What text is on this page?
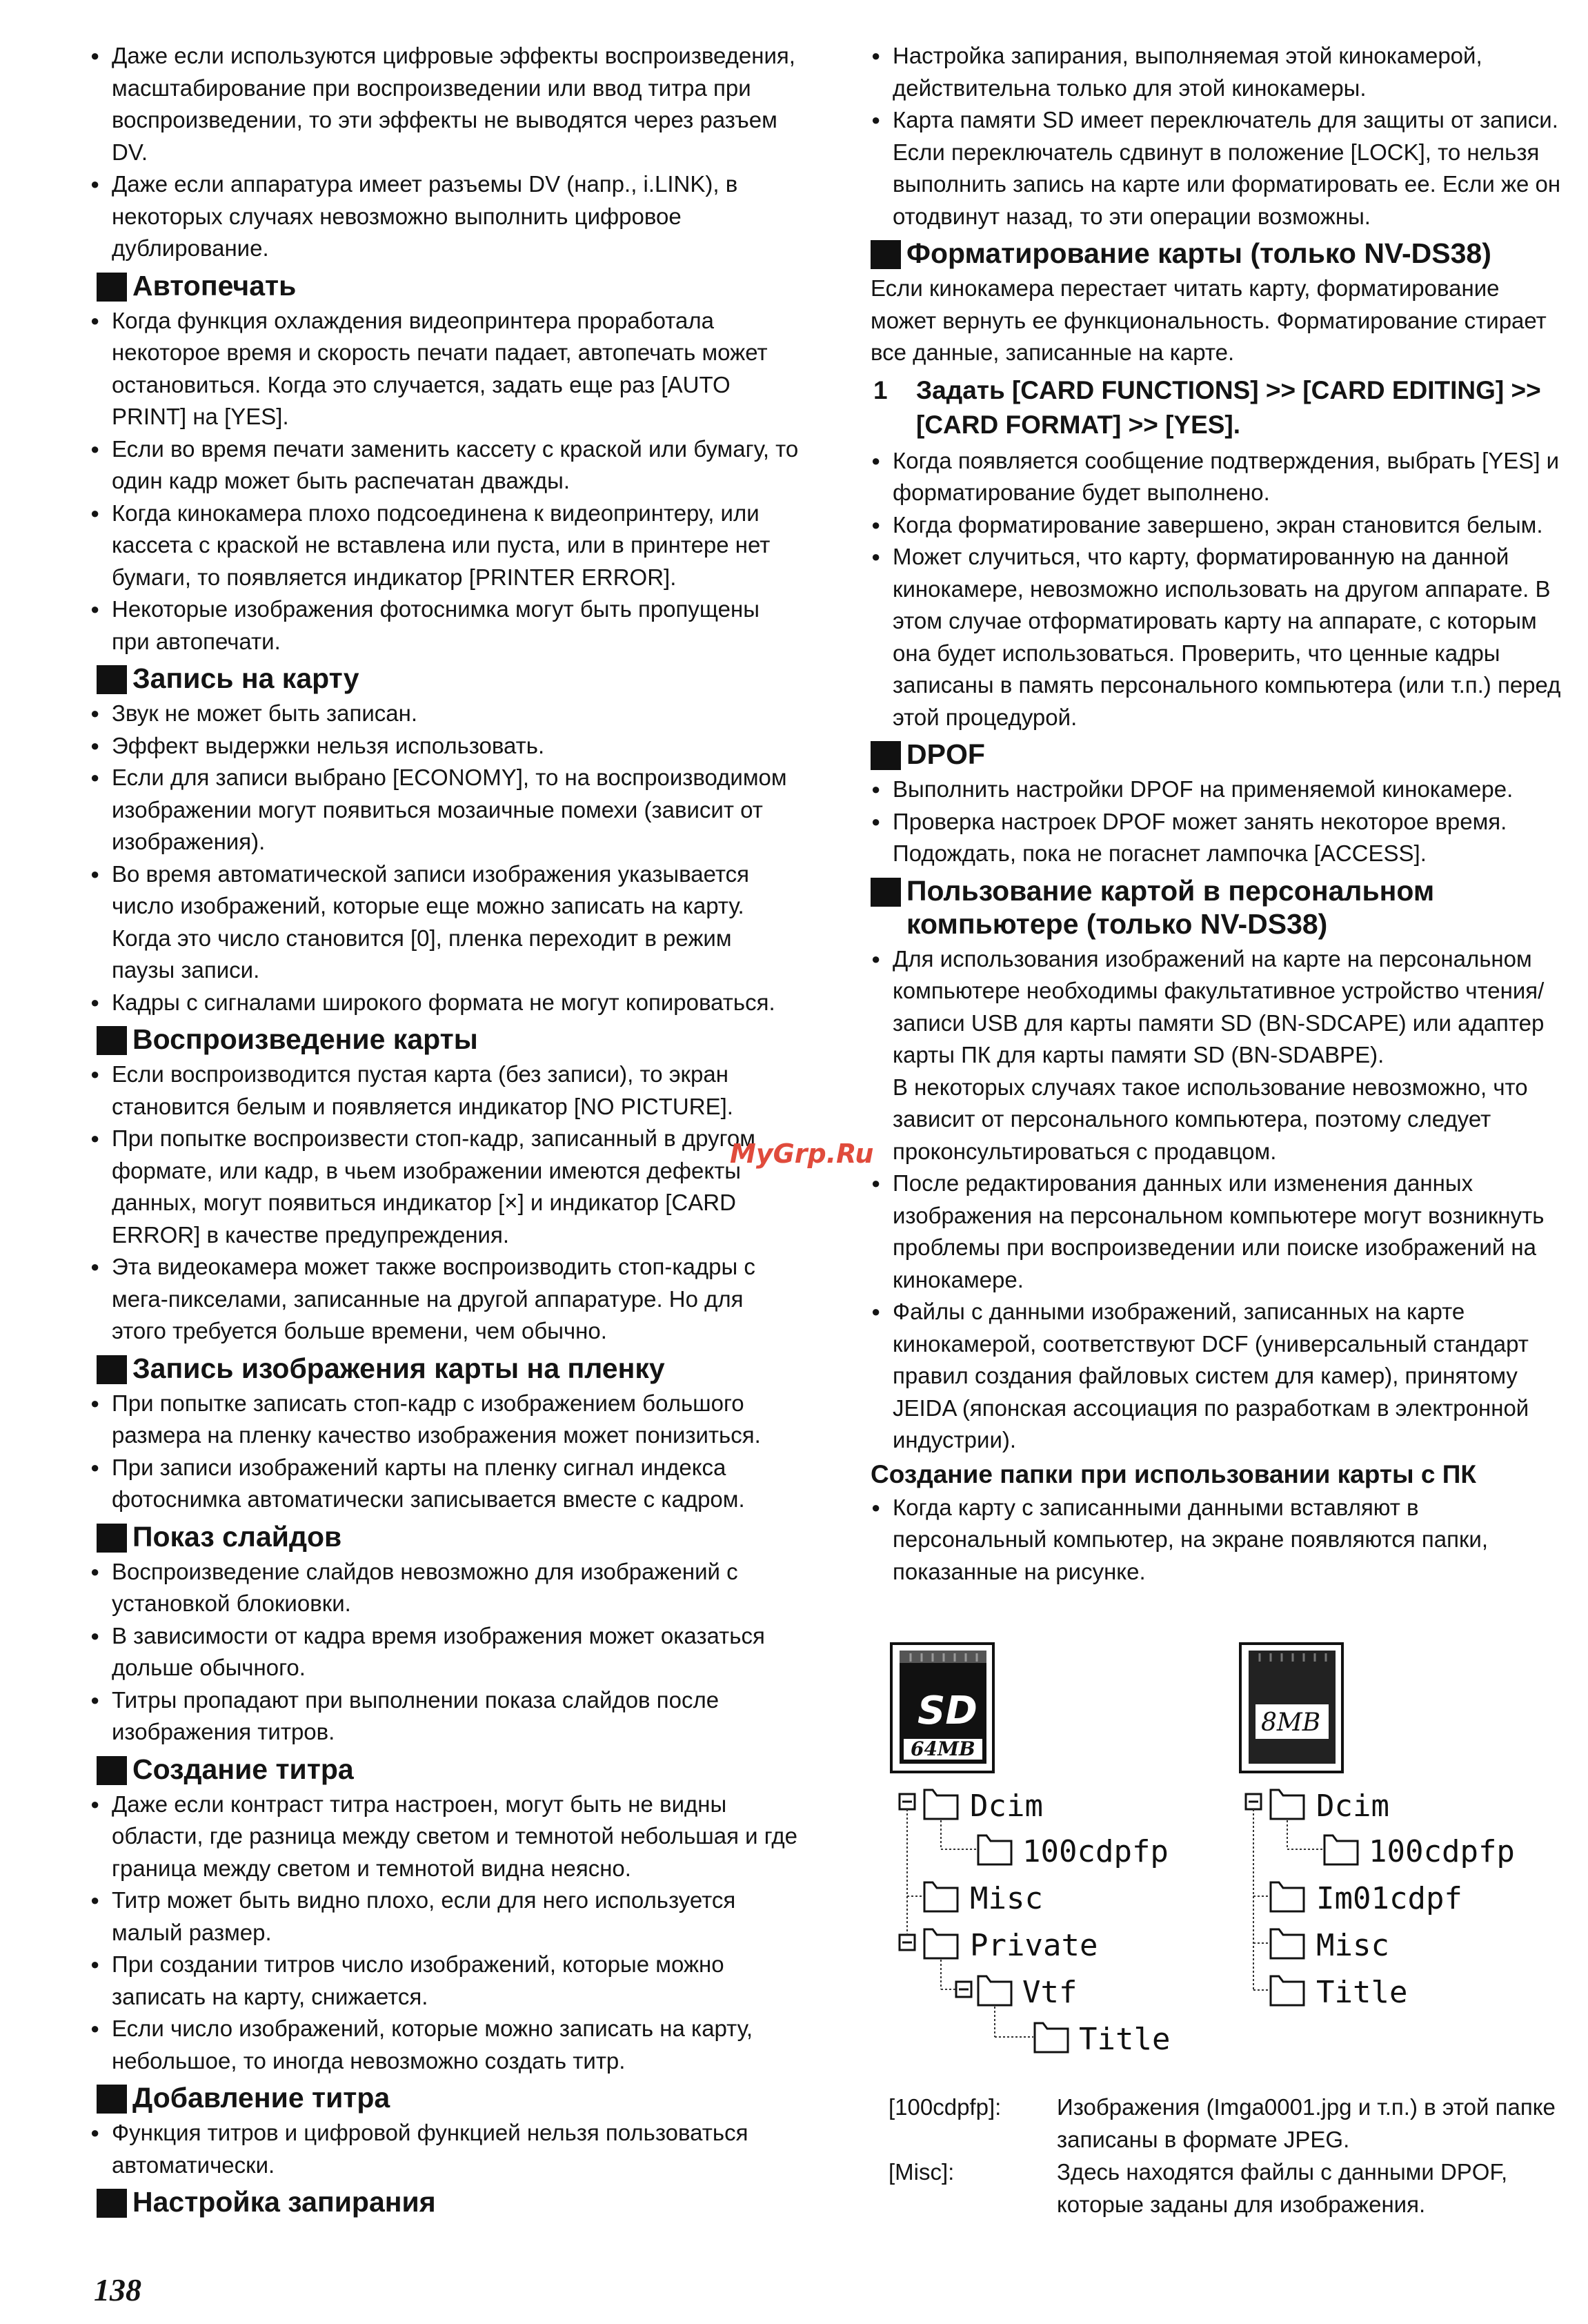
● Даже если используются цифровые эффекты воспроизведения, масштабирование при воспроизведении или ввод титра при воспроизведении, то эти эффекты не выводятся через разъем DV.

● Даже если аппаратура имеет разъемы DV (напр., i.LINK), в некоторых случаях невозможно выполнить цифровое дублирование.

Автопечать

● Когда функция охлаждения видеопринтера проработала некоторое время и скорость печати падает, автопечать может остановиться. Когда это случается, задать еще раз [AUTO PRINT] на [YES].

● Если во время печати заменить кассету с краской или бумагу, то один кадр может быть распечатан дважды.

● Когда кинокамера плохо подсоединена к видеопринтеру, или кассета с краской не вставлена или пуста, или в принтере нет бумаги, то появляется индикатор [PRINTER ERROR].

● Некоторые изображения фотоснимка могут быть пропущены при автопечати.

Запись на карту

● Звук не может быть записан.

● Эффект выдержки нельзя использовать.

● Если для записи выбрано [ECONOMY], то на воспроизводимом изображении могут появиться мозаичные помехи (зависит от изображения).

● Во время автоматической записи изображения указывается число изображений, которые еще можно записать на карту. Когда это число становится [0], пленка переходит в режим паузы записи.

● Кадры с сигналами широкого формата не могут копироваться.

Воспроизведение карты

● Если воспроизводится пустая карта (без записи), то экран становится белым и появляется индикатор [NO PICTURE].

● При попытке воспроизвести стоп-кадр, записанный в другом формате, или кадр, в чьем изображении имеются дефекты данных, могут появиться индикатор [×] и индикатор [CARD ERROR] в качестве предупреждения.

● Эта видеокамера может также воспроизводить стоп-кадры с мега-пикселами, записанные на другой аппаратуре. Но для этого требуется больше времени, чем обычно.

Запись изображения карты на пленку

● При попытке записать стоп-кадр с изображением большого размера на пленку качество изображения может понизиться.

● При записи изображений карты на пленку сигнал индекса фотоснимка автоматически записывается вместе с кадром.

Показ слайдов

● Воспроизведение слайдов невозможно для изображений с установкой блокиовки.

● В зависимости от кадра время изображения может оказаться дольше обычного.

● Титры пропадают при выполнении показа слайдов после изображения титров.

Создание титра

● Даже если контраст титра настроен, могут быть не видны области, где разница между светом и темнотой небольшая и где граница между светом и темнотой видна неясно.

● Титр может быть видно плохо, если для него используется малый размер.

● При создании титров число изображений, которые можно записать на карту, снижается.

● Если число изображений, которые можно записать на карту, небольшое, то иногда невозможно создать титр.

Добавление титра

● Функция титров и цифровой функцией нельзя пользоваться автоматически.

Настройка запирания

● Настройка запирания, выполняемая этой кинокамерой, действительна только для этой кинокамеры.

● Карта памяти SD имеет переключатель для защиты от записи. Если переключатель сдвинут в положение [LOCK], то нельзя выполнить запись на карте или форматировать ее. Если же он отодвинут назад, то эти операции возможны.

Форматирование карты (только NV-DS38)

Если кинокамера перестает читать карту, форматирование может вернуть ее функциональность. Форматирование стирает все данные, записанные на карте.

1 Задать [CARD FUNCTIONS] >> [CARD EDITING] >> [CARD FORMAT] >> [YES].

● Когда появляется сообщение подтверждения, выбрать [YES] и форматирование будет выполнено.

● Когда форматирование завершено, экран становится белым.

● Может случиться, что карту, форматированную на данной кинокамере, невозможно использовать на другом аппарате. В этом случае отформатировать карту на аппарате, с которым она будет использоваться. Проверить, что ценные кадры записаны в память персонального компьютера (или т.п.) перед этой процедурой.

DPOF

● Выполнить настройки DPOF на применяемой кинокамере.

● Проверка настроек DPOF может занять некоторое время. Подождать, пока не погаснет лампочка [ACCESS].

Пользование картой в персональном
компьютере (только NV-DS38)

● Для использования изображений на карте на персональном компьютере необходимы факультативное устройство чтения/записи USB для карты памяти SD (BN-SDCAPE) или адаптер карты ПК для карты памяти SD (BN-SDABPE).

В некоторых случаях такое использование невозможно, что зависит от персонального компьютера, поэтому следует проконсультироваться с продавцом.

● После редактирования данных или изменения данных изображения на персональном компьютере могут возникнуть проблемы при воспроизведении или поиске изображений на кинокамере.

● Файлы с данными изображений, записанных на карте кинокамерой, соответствуют DCF (универсальный стандарт правил создания файловых систем для камер), принятому JEIDA (японская ассоциация по разработкам в электронной индустрии).

Создание папки при использовании карты с ПК

● Когда карту с записанными данными вставляют в персональный компьютер, на экране появляются папки, показанные на рисунке.

SD
64MB
8MB
Dcim
100cdpfp
Misc
Private
Vtf
Title
Dcim
100cdpfp
Im01cdpf
Misc
Title
[100cdpfp]:	Изображения (Imga0001.jpg и т.п.) в этой папке записаны в формате JPEG.
[Misc]:	Здесь находятся файлы с данными DPOF, которые заданы для изображения.
MyGrp.Ru
138
